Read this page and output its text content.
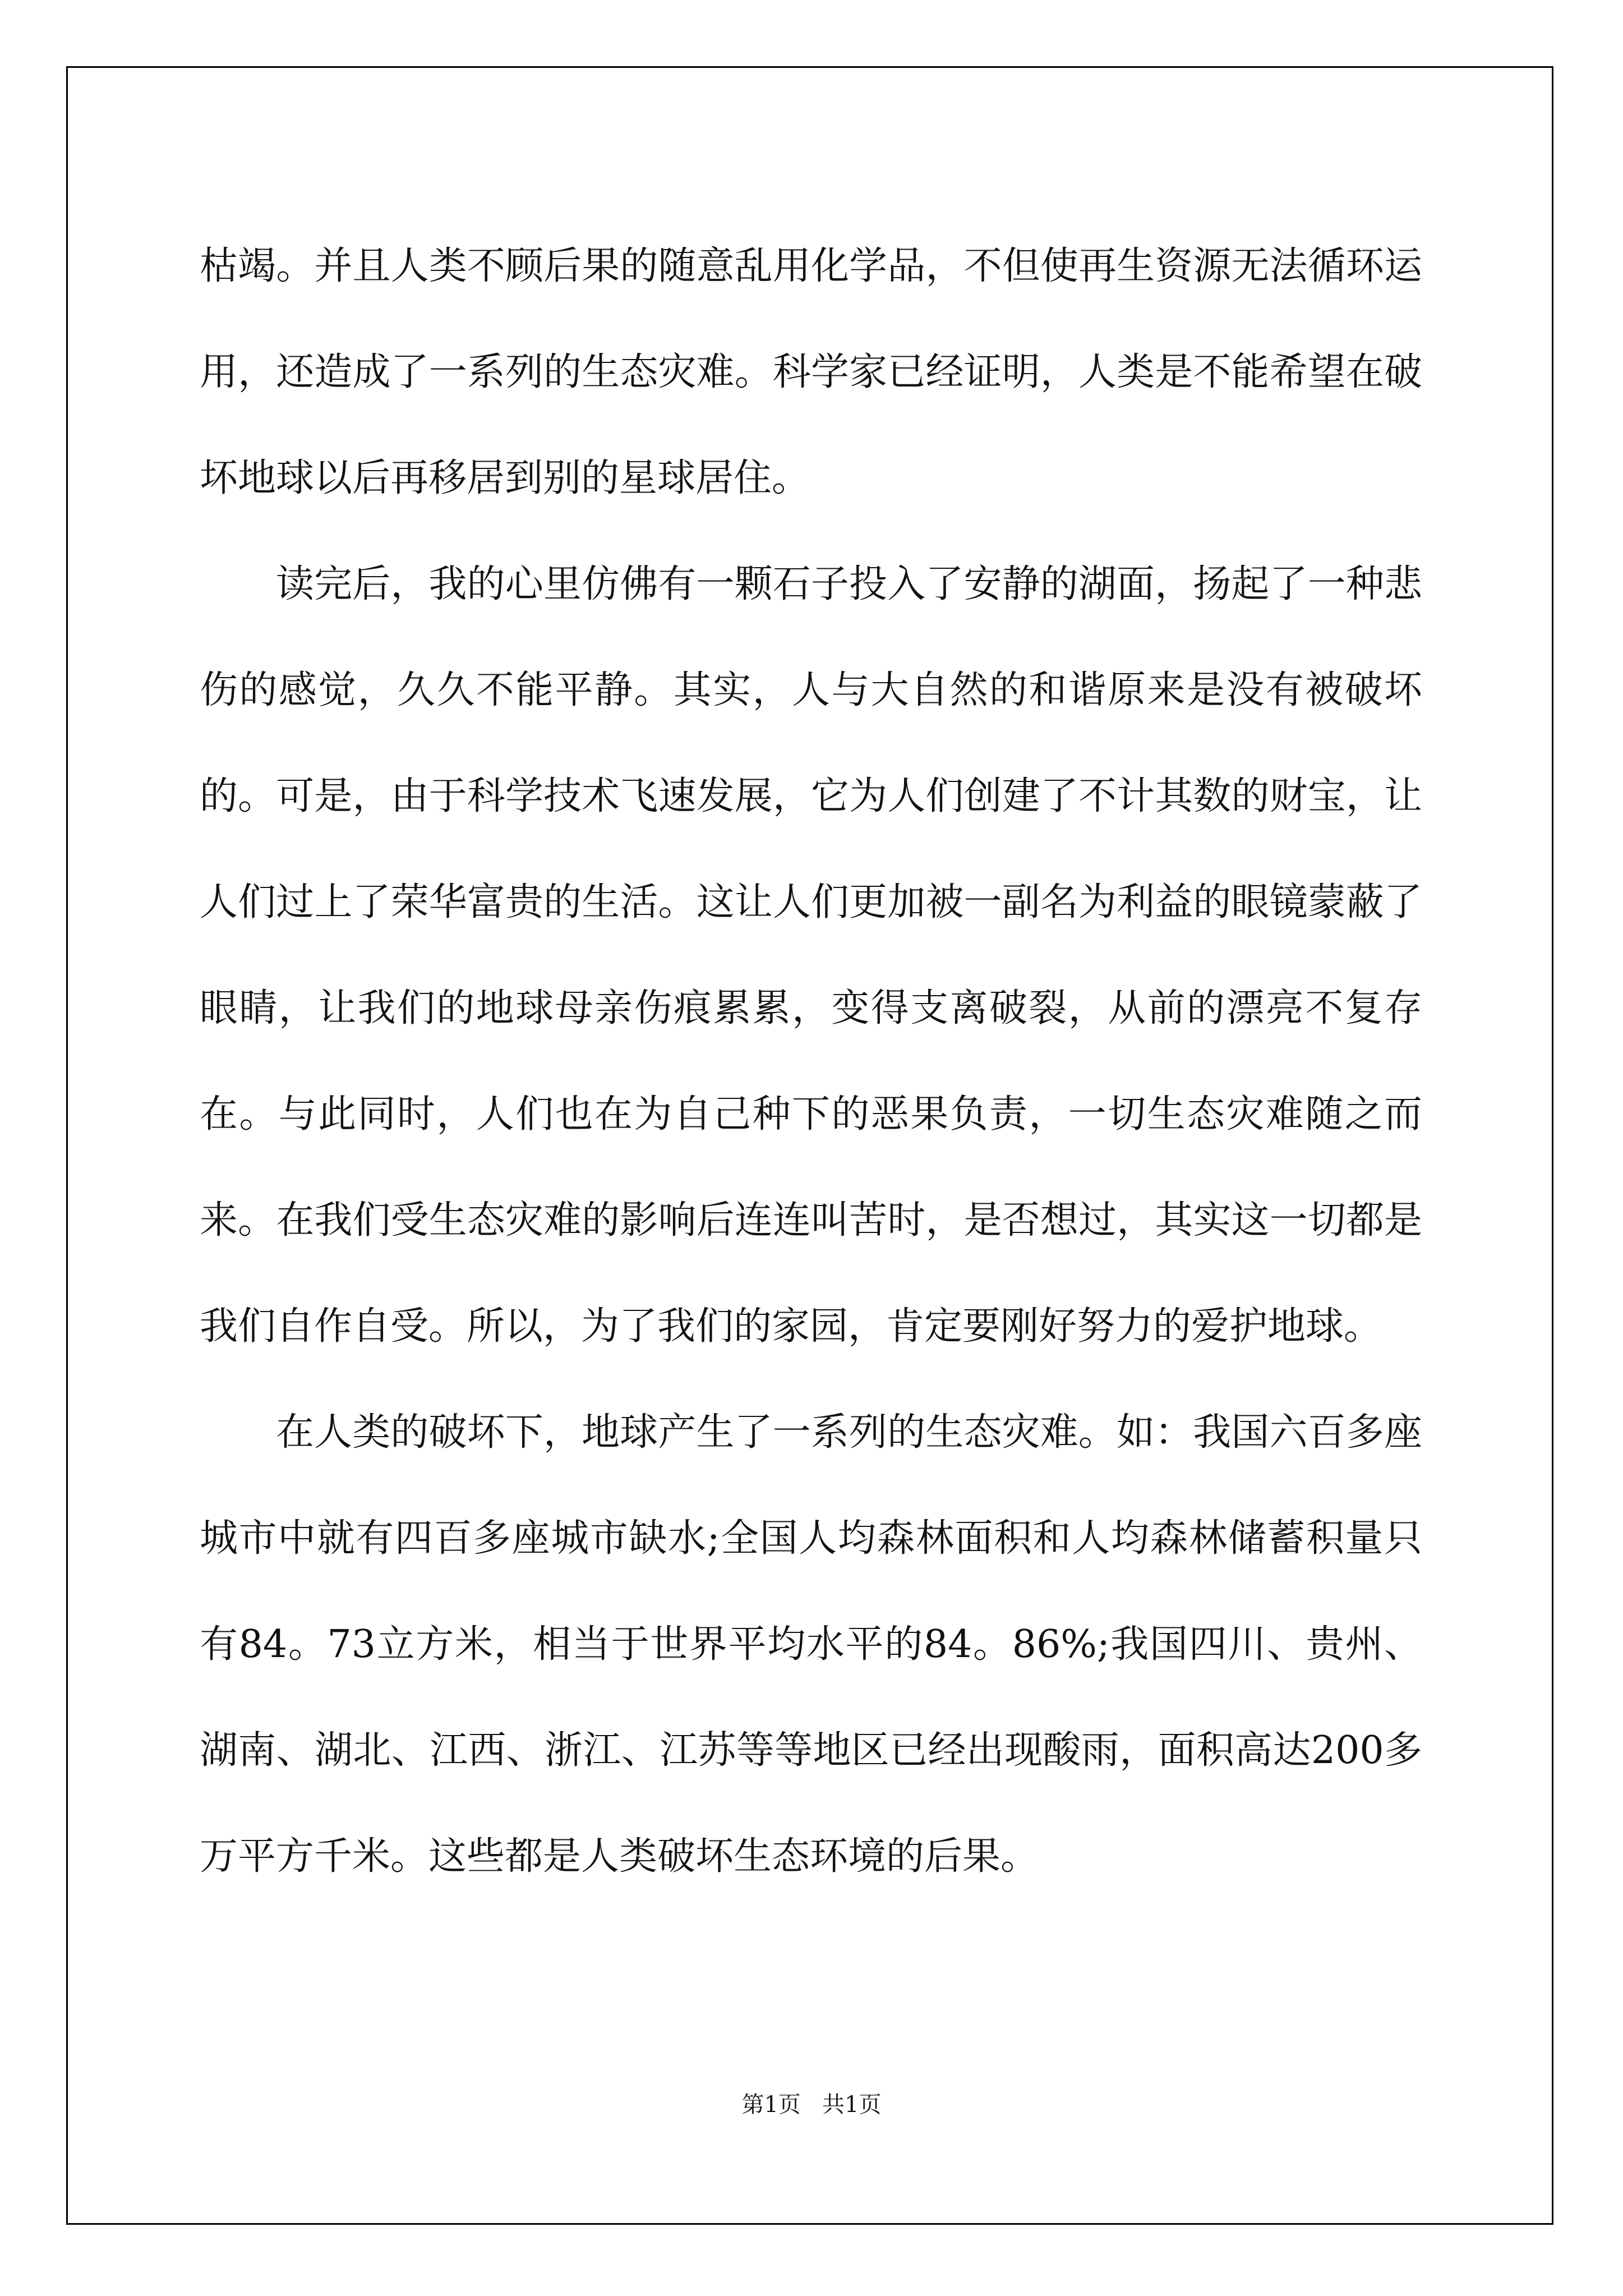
枯竭。并且人类不顾后果的随意乱用化学品，不但使再生资源无法循环运用，还造成了一系列的生态灾难。科学家已经证明，人类是不能希望在破坏地球以后再移居到别的星球居住。

读完后，我的心里仿佛有一颗石子投入了安静的湖面，扬起了一种悲伤的感觉，久久不能平静。其实，人与大自然的和谐原来是没有被破坏的。可是，由于科学技术飞速发展，它为人们创建了不计其数的财宝，让人们过上了荣华富贵的生活。这让人们更加被一副名为利益的眼镜蒙蔽了眼睛，让我们的地球母亲伤痕累累，变得支离破裂，从前的漂亮不复存在。与此同时，人们也在为自己种下的恶果负责，一切生态灾难随之而来。在我们受生态灾难的影响后连连叫苦时，是否想过，其实这一切都是我们自作自受。所以，为了我们的家园，肯定要刚好努力的爱护地球。

在人类的破坏下，地球产生了一系列的生态灾难。如：我国六百多座城市中就有四百多座城市缺水;全国人均森林面积和人均森林储蓄积量只有84。73立方米，相当于世界平均水平的84。86%;我国四川、贵州、湖南、湖北、江西、浙江、江苏等等地区已经出现酸雨，面积高达200多万平方千米。这些都是人类破坏生态环境的后果。

第1页   共1页
